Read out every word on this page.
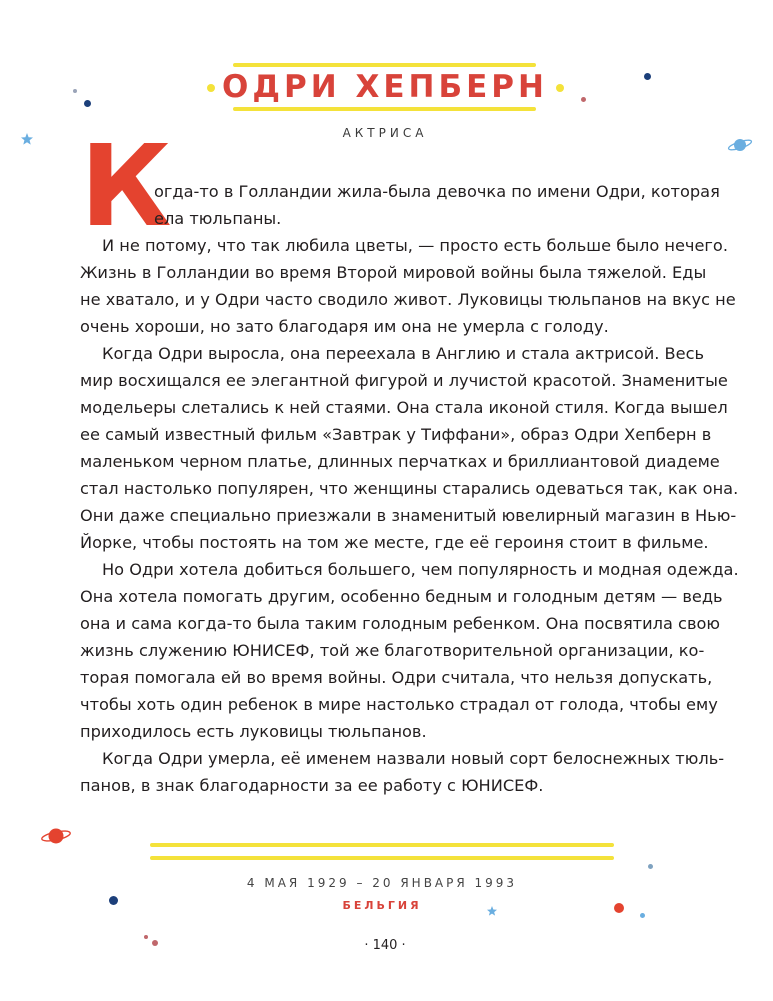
ОДРИ ХЕПБЕРН
АКТРИСА
К
огда-то в Голландии жила-была девочка по имени Одри, которая
ела тюльпаны.
И не потому, что так любила цветы, — просто есть больше было нечего.
Жизнь в Голландии во время Второй мировой войны была тяжелой. Еды
не хватало, и у Одри часто сводило живот. Луковицы тюльпанов на вкус не
очень хороши, но зато благодаря им она не умерла с голоду.
Когда Одри выросла, она переехала в Англию и стала актрисой. Весь
мир восхищался ее элегантной фигурой и лучистой красотой. Знаменитые
модельеры слетались к ней стаями. Она стала иконой стиля. Когда вышел
ее самый известный фильм «Завтрак у Тиффани», образ Одри Хепберн в
маленьком черном платье, длинных перчатках и бриллиантовой диадеме
стал настолько популярен, что женщины старались одеваться так, как она.
Они даже специально приезжали в знаменитый ювелирный магазин в Нью-
Йорке, чтобы постоять на том же месте, где её героиня стоит в фильме.
Но Одри хотела добиться большего, чем популярность и модная одежда.
Она хотела помогать другим, особенно бедным и голодным детям — ведь
она и сама когда-то была таким голодным ребенком. Она посвятила свою
жизнь служению ЮНИСЕФ, той же благотворительной организации, ко-
торая помогала ей во время войны. Одри считала, что нельзя допускать,
чтобы хоть один ребенок в мире настолько страдал от голода, чтобы ему
приходилось есть луковицы тюльпанов.
Когда Одри умерла, её именем назвали новый сорт белоснежных тюль-
панов, в знак благодарности за ее работу с ЮНИСЕФ.
4 МАЯ 1929 – 20 ЯНВАРЯ 1993
БЕЛЬГИЯ
· 140 ·
